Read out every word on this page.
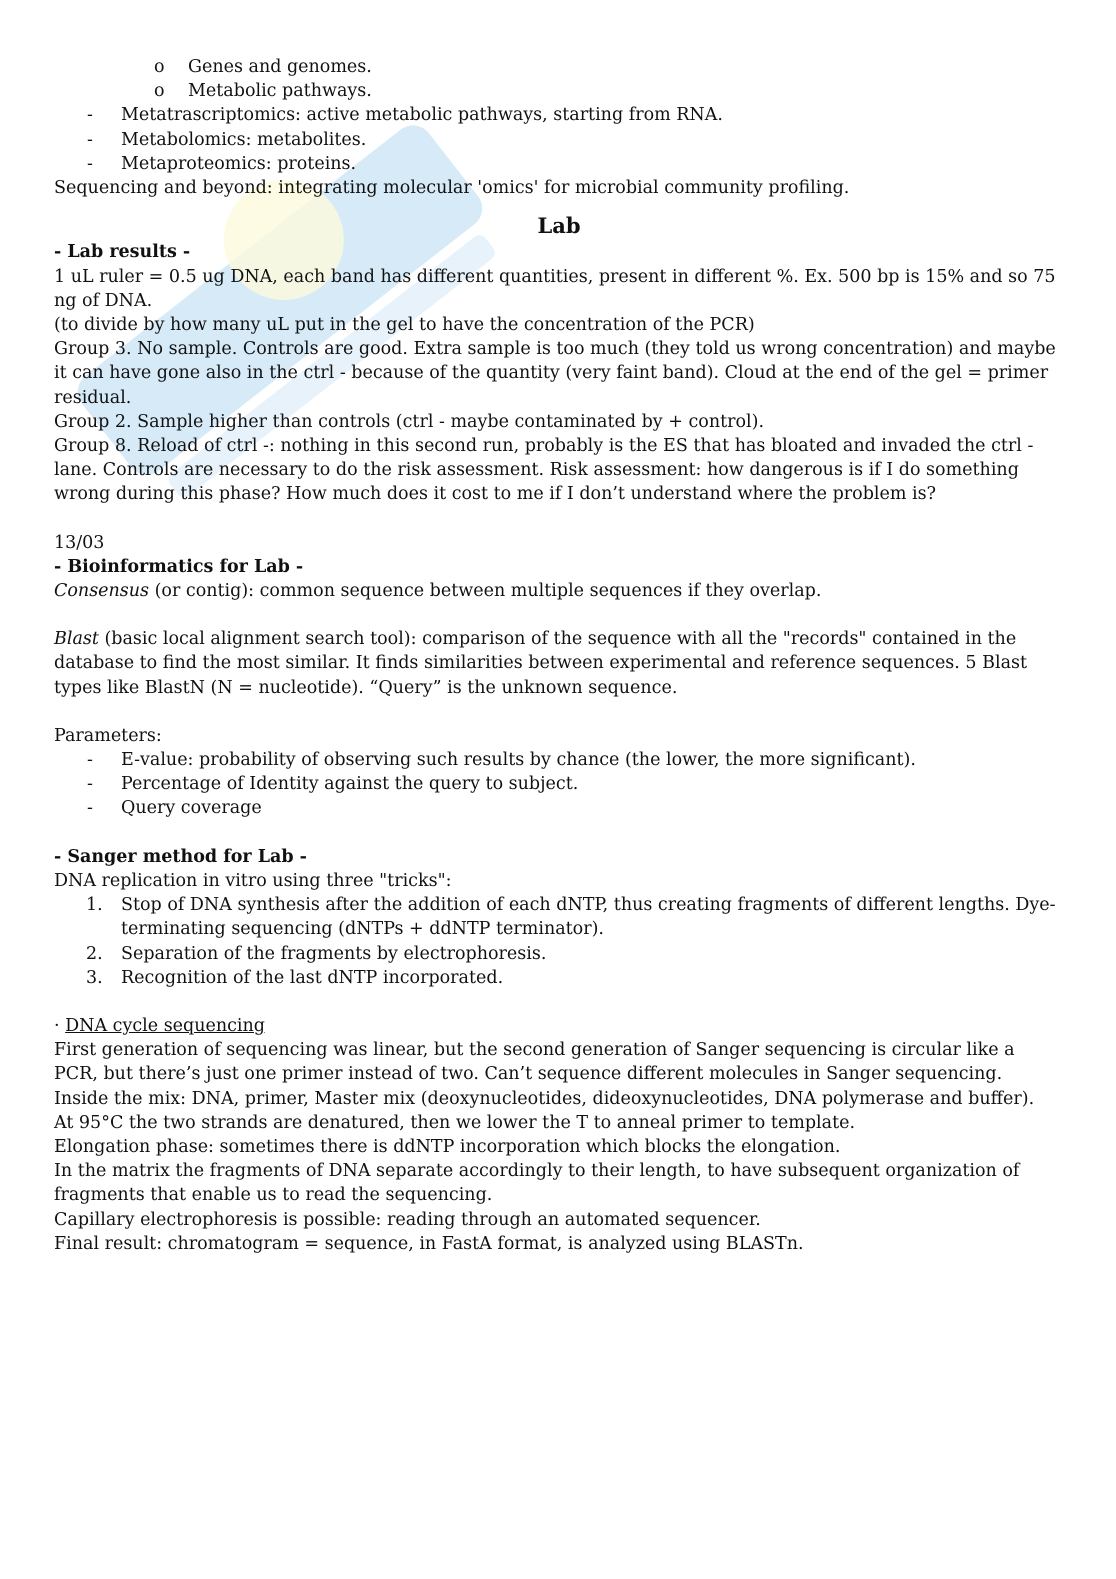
o Genes and genomes.
o Metabolic pathways.
- Metatrascriptomics: active metabolic pathways, starting from RNA.
- Metabolomics: metabolites.
- Metaproteomics: proteins.
Sequencing and beyond: integrating molecular 'omics' for microbial community profiling.
Lab
- Lab results -
1 uL ruler = 0.5 ug DNA, each band has different quantities, present in different %. Ex. 500 bp is 15% and so 75 ng of DNA.
(to divide by how many uL put in the gel to have the concentration of the PCR)
Group 3. No sample. Controls are good. Extra sample is too much (they told us wrong concentration) and maybe it can have gone also in the ctrl - because of the quantity (very faint band). Cloud at the end of the gel = primer residual.
Group 2. Sample higher than controls (ctrl - maybe contaminated by + control).
Group 8. Reload of ctrl -: nothing in this second run, probably is the ES that has bloated and invaded the ctrl - lane. Controls are necessary to do the risk assessment. Risk assessment: how dangerous is if I do something wrong during this phase? How much does it cost to me if I don’t understand where the problem is?
13/03
- Bioinformatics for Lab -
Consensus (or contig): common sequence between multiple sequences if they overlap.
Blast (basic local alignment search tool): comparison of the sequence with all the "records" contained in the database to find the most similar. It finds similarities between experimental and reference sequences. 5 Blast types like BlastN (N = nucleotide). “Query” is the unknown sequence.
Parameters:
- E-value: probability of observing such results by chance (the lower, the more significant).
- Percentage of Identity against the query to subject.
- Query coverage
- Sanger method for Lab -
DNA replication in vitro using three "tricks":
1. Stop of DNA synthesis after the addition of each dNTP, thus creating fragments of different lengths. Dye-terminating sequencing (dNTPs + ddNTP terminator).
2. Separation of the fragments by electrophoresis.
3. Recognition of the last dNTP incorporated.
· DNA cycle sequencing
First generation of sequencing was linear, but the second generation of Sanger sequencing is circular like a PCR, but there’s just one primer instead of two. Can’t sequence different molecules in Sanger sequencing.
Inside the mix: DNA, primer, Master mix (deoxynucleotides, dideoxynucleotides, DNA polymerase and buffer).
At 95°C the two strands are denatured, then we lower the T to anneal primer to template.
Elongation phase: sometimes there is ddNTP incorporation which blocks the elongation.
In the matrix the fragments of DNA separate accordingly to their length, to have subsequent organization of fragments that enable us to read the sequencing.
Capillary electrophoresis is possible: reading through an automated sequencer.
Final result: chromatogram = sequence, in FastA format, is analyzed using BLASTn.
